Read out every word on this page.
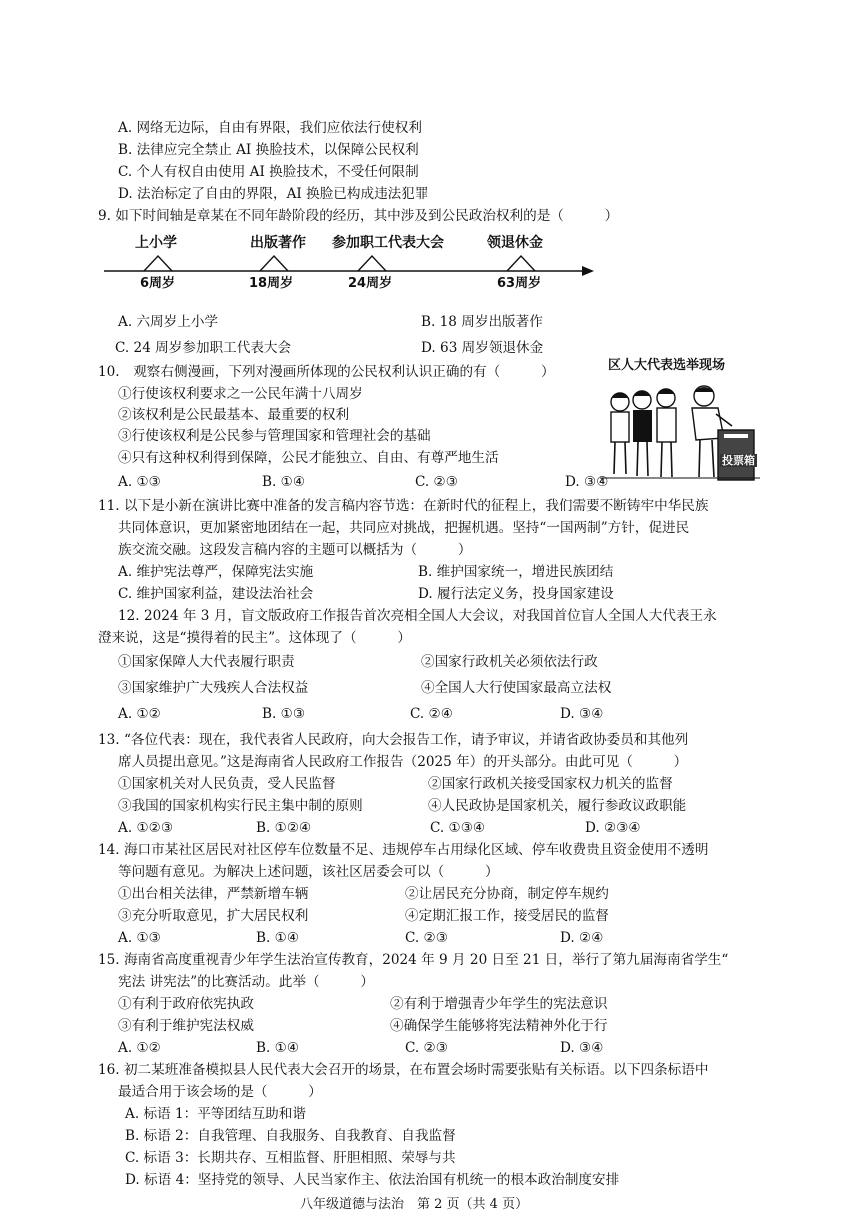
A. 网络无边际，自由有界限，我们应依法行使权利
B. 法律应完全禁止 AI 换脸技术，以保障公民权利
C. 个人有权自由使用 AI 换脸技术，不受任何限制
D. 法治标定了自由的界限，AI 换脸已构成违法犯罪
9. 如下时间轴是章某在不同年龄阶段的经历，其中涉及到公民政治权利的是（　　　）
上小学	出版著作 参加职工代表大会	领退休金
6周岁	18周岁	24周岁	63周岁
A. 六周岁上小学	B. 18 周岁出版著作
C. 24 周岁参加职工代表大会	D. 63 周岁领退休金
10.　观察右侧漫画，下列对漫画所体现的公民权利认识正确的有（　　　）
①行使该权利要求之一公民年满十八周岁
②该权利是公民最基本、最重要的权利
③行使该权利是公民参与管理国家和管理社会的基础
④只有这种权利得到保障，公民才能独立、自由、有尊严地生活
A. ①③	B. ①④	C. ②③	D. ③④
区人大代表选举现场
投票箱
11. 以下是小新在演讲比赛中准备的发言稿内容节选：在新时代的征程上，我们需要不断铸牢中华民族
共同体意识，更加紧密地团结在一起，共同应对挑战，把握机遇。坚持“一国两制”方针，促进民
族交流交融。这段发言稿内容的主题可以概括为（　　　）
A. 维护宪法尊严，保障宪法实施	B. 维护国家统一，增进民族团结
C. 维护国家利益，建设法治社会	D. 履行法定义务，投身国家建设
12. 2024 年 3 月，盲文版政府工作报告首次亮相全国人大会议，对我国首位盲人全国人大代表王永
澄来说，这是“摸得着的民主”。这体现了（　　　）
①国家保障人大代表履行职责	②国家行政机关必须依法行政
③国家维护广大残疾人合法权益	④全国人大行使国家最高立法权
A. ①②	B. ①③	C. ②④	D. ③④
13. “各位代表：现在，我代表省人民政府，向大会报告工作，请予审议，并请省政协委员和其他列
席人员提出意见。”这是海南省人民政府工作报告（2025 年）的开头部分。由此可见（　　　）
①国家机关对人民负责，受人民监督	②国家行政机关接受国家权力机关的监督
③我国的国家机构实行民主集中制的原则	④人民政协是国家机关，履行参政议政职能
A. ①②③	B. ①②④	C. ①③④	D. ②③④
14. 海口市某社区居民对社区停车位数量不足、违规停车占用绿化区域、停车收费贵且资金使用不透明
等问题有意见。为解决上述问题，该社区居委会可以（　　　）
①出台相关法律，严禁新增车辆	②让居民充分协商，制定停车规约
③充分听取意见，扩大居民权利	④定期汇报工作，接受居民的监督
A. ①③	B. ①④	C. ②③	D. ②④
15. 海南省高度重视青少年学生法治宣传教育，2024 年 9 月 20 日至 21 日，举行了第九届海南省学生“
宪法 讲宪法”的比赛活动。此举（　　　）
①有利于政府依宪执政	②有利于增强青少年学生的宪法意识
③有利于维护宪法权威	④确保学生能够将宪法精神外化于行
A. ①②	B. ①④	C. ②③	D. ③④
16. 初二某班准备模拟县人民代表大会召开的场景，在布置会场时需要张贴有关标语。以下四条标语中
最适合用于该会场的是（　　　）
A. 标语 1：平等团结互助和谐
B. 标语 2：自我管理、自我服务、自我教育、自我监督
C. 标语 3：长期共存、互相监督、肝胆相照、荣辱与共
D. 标语 4：坚持党的领导、人民当家作主、依法治国有机统一的根本政治制度安排
八年级道德与法治　第 2 页（共 4 页）
